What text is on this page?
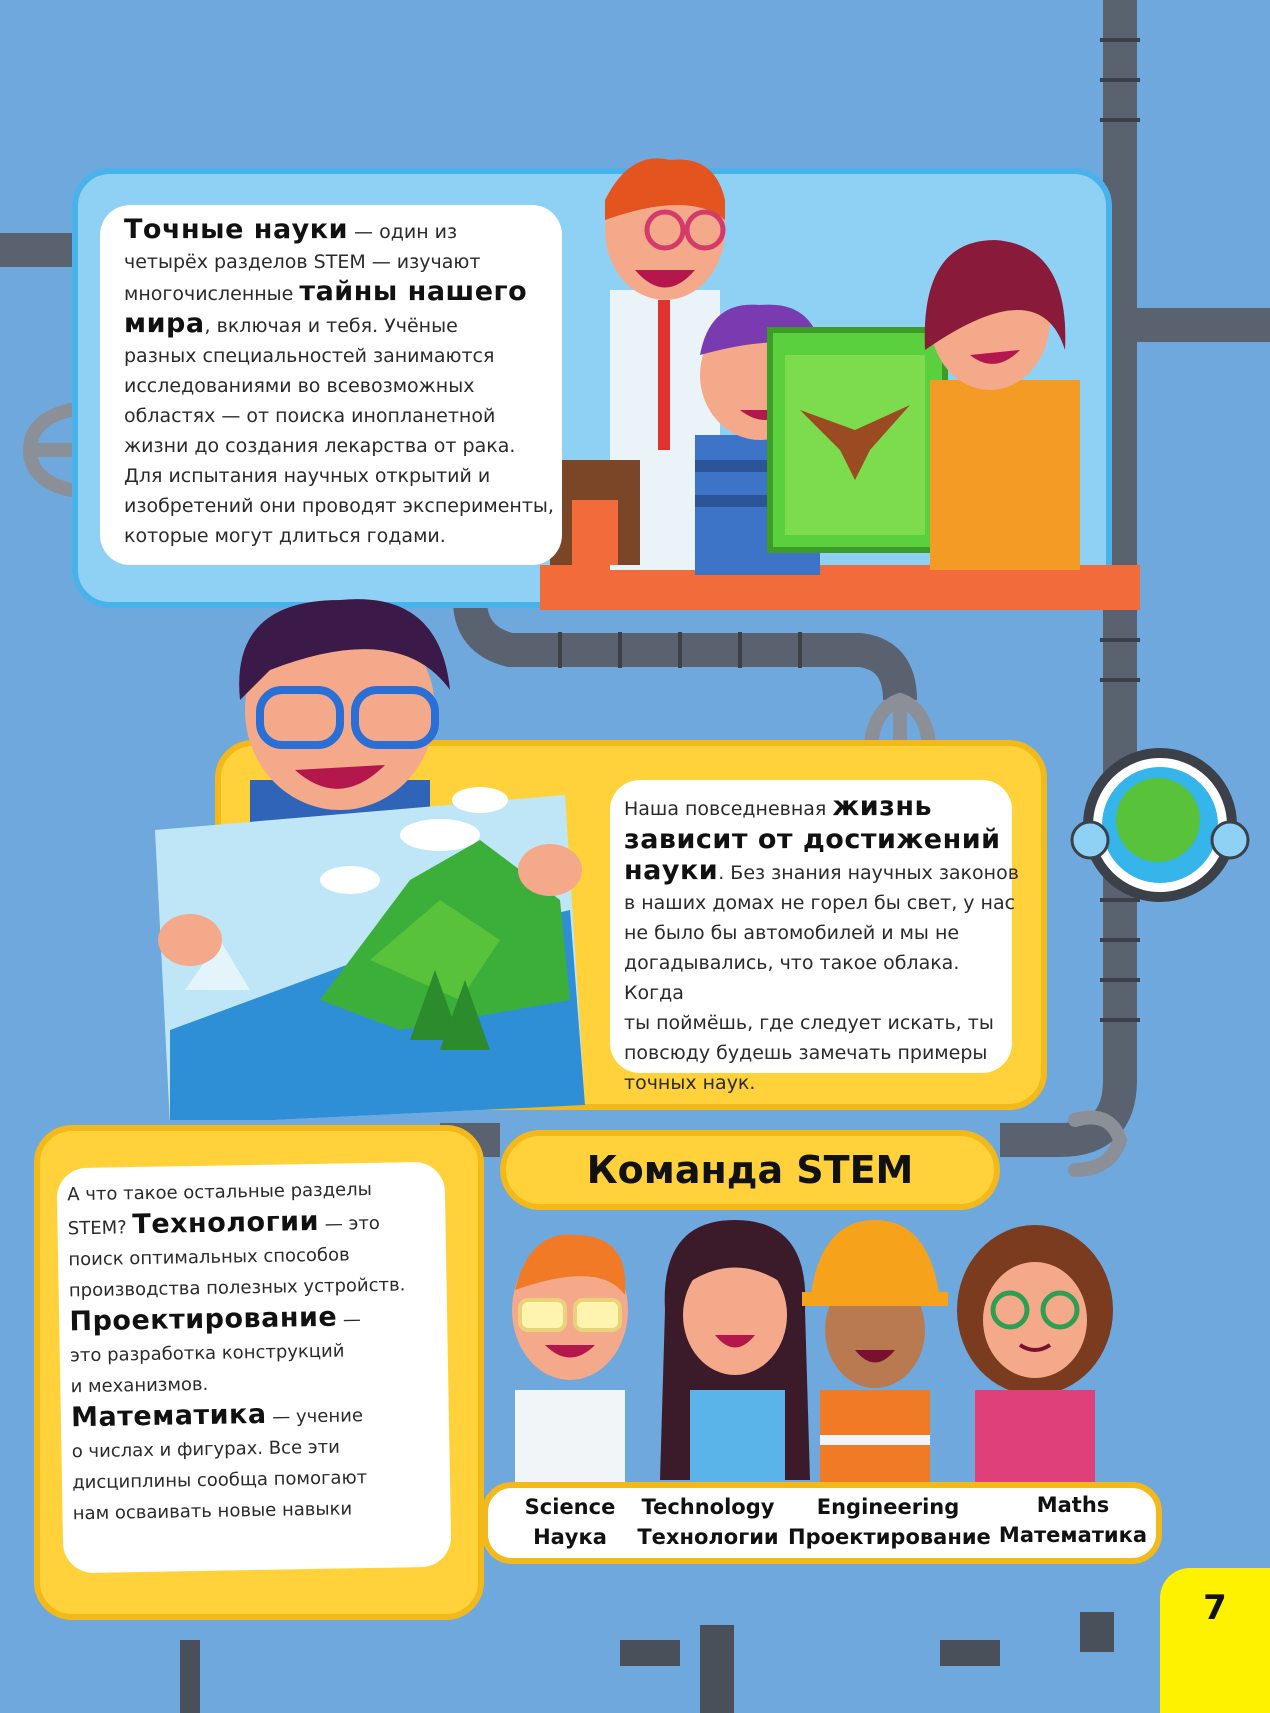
Точные науки — один из
четырёх разделов STEM — изучают
многочисленные тайны нашего
мира, включая и тебя. Учёные
разных специальностей занимаются
исследованиями во всевозможных
областях — от поиска инопланетной
жизни до создания лекарства от рака.
Для испытания научных открытий и
изобретений они проводят эксперименты,
которые могут длиться годами.
Наша повседневная жизнь
зависит от достижений
науки. Без знания научных законов
в наших домах не горел бы свет, у нас
не было бы автомобилей и мы не
догадывались, что такое облака. Когда
ты поймёшь, где следует искать, ты
повсюду будешь замечать примеры
точных наук.
Команда STEM
А что такое остальные разделы
STEM? Технологии — это
поиск оптимальных способов
производства полезных устройств.
Проектирование —
это разработка конструкций
и механизмов.
Математика — учение
о числах и фигурах. Все эти
дисциплины сообща помогают
нам осваивать новые навыки	Science
Наука
Technology
Технологии
Engineering
Проектирование
Maths
Математика
7
